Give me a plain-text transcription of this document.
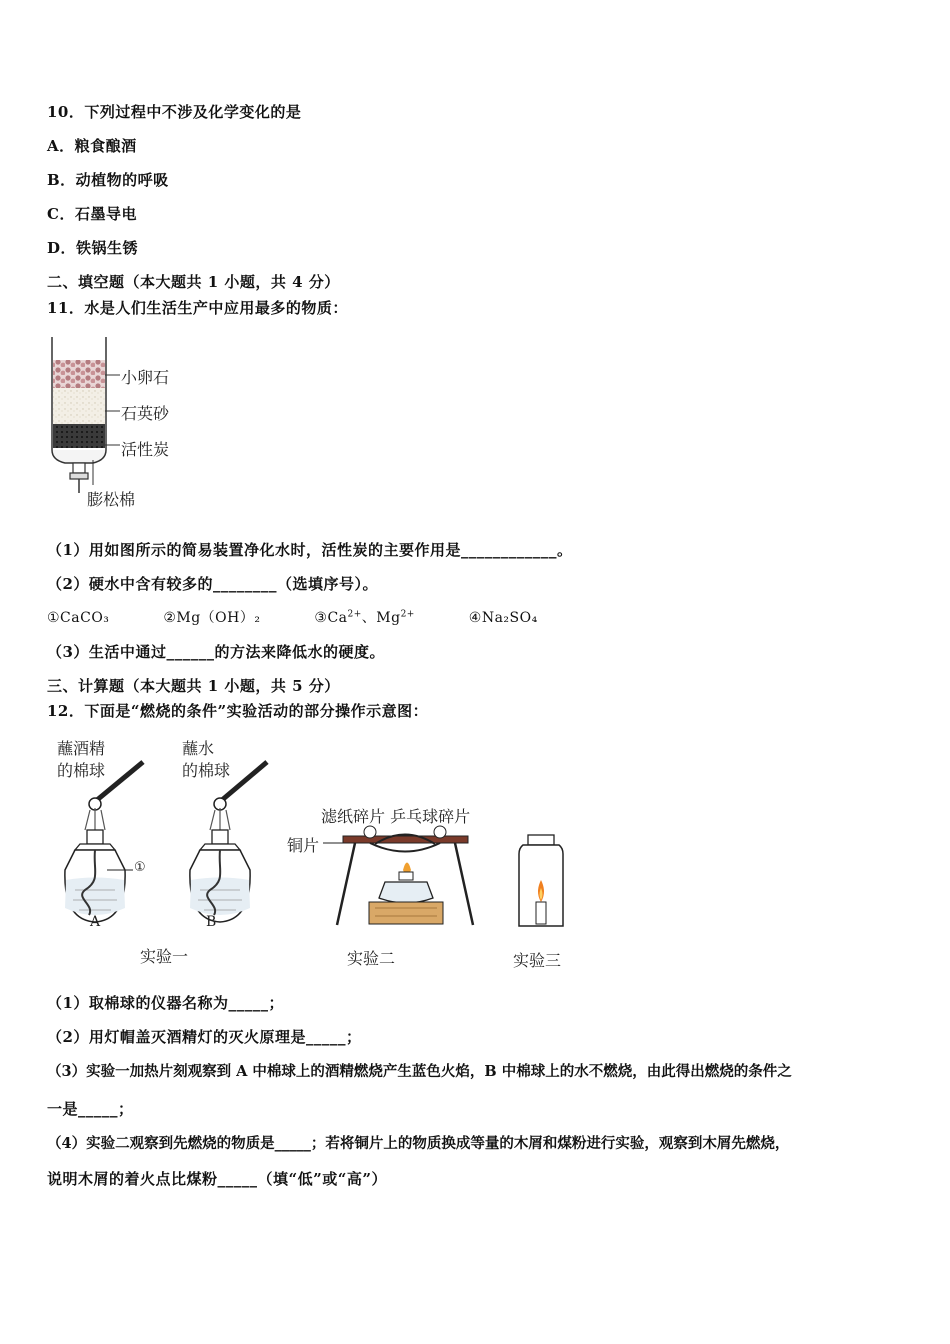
10．下列过程中不涉及化学变化的是
A．粮食酿酒
B．动植物的呼吸
C．石墨导电
D．铁锅生锈
二、填空题（本大题共 1 小题，共 4 分）
11．水是人们生活生产中应用最多的物质：
小卵石
石英砂
活性炭
膨松棉
（1）用如图所示的简易装置净化水时，活性炭的主要作用是____________。
（2）硬水中含有较多的________（选填序号）。
①CaCO₃	②Mg（OH）₂	$③Ca^{2+}$、$Mg^{2+}$	④Na₂SO₄
（3）生活中通过______的方法来降低水的硬度。
三、计算题（本大题共 1 小题，共 5 分）
12．下面是“燃烧的条件”实验活动的部分操作示意图：
蘸酒精
的棉球
蘸水
的棉球
①
A	B
实验一
滤纸碎片 乒乓球碎片
铜片
实验二	实验三
（1）取棉球的仪器名称为_____；
（2）用灯帽盖灭酒精灯的灭火原理是_____；
（3）实验一加热片刻观察到 A 中棉球上的酒精燃烧产生蓝色火焰，B 中棉球上的水不燃烧，由此得出燃烧的条件之
一是_____；
（4）实验二观察到先燃烧的物质是_____；若将铜片上的物质换成等量的木屑和煤粉进行实验，观察到木屑先燃烧，
说明木屑的着火点比煤粉_____（填“低”或“高”）
